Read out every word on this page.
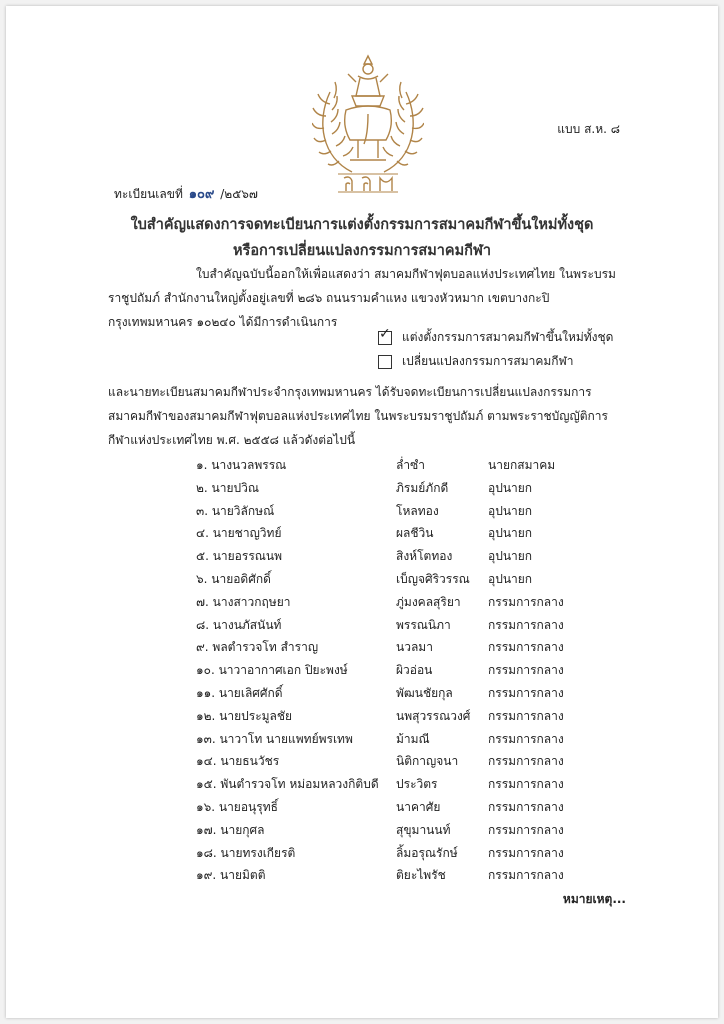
แบบ ส.ห. ๘
ทะเบียนเลขที่ ๑๐๙ /๒๕๖๗
ใบสำคัญแสดงการจดทะเบียนการแต่งตั้งกรรมการสมาคมกีฬาขึ้นใหม่ทั้งชุด
หรือการเปลี่ยนแปลงกรรมการสมาคมกีฬา
ใบสำคัญฉบับนี้ออกให้เพื่อแสดงว่า สมาคมกีฬาฟุตบอลแห่งประเทศไทย ในพระบรมราชูปถัมภ์ สำนักงานใหญ่ตั้งอยู่เลขที่ ๒๘๖ ถนนรามคำแหง แขวงหัวหมาก เขตบางกะปิ กรุงเทพมหานคร ๑๐๒๔๐ ได้มีการดำเนินการ
✓ แต่งตั้งกรรมการสมาคมกีฬาขึ้นใหม่ทั้งชุด
เปลี่ยนแปลงกรรมการสมาคมกีฬา
และนายทะเบียนสมาคมกีฬาประจำกรุงเทพมหานคร ได้รับจดทะเบียนการเปลี่ยนแปลงกรรมการสมาคมกีฬาของสมาคมกีฬาฟุตบอลแห่งประเทศไทย ในพระบรมราชูปถัมภ์ ตามพระราชบัญญัติการกีฬาแห่งประเทศไทย พ.ศ. ๒๕๕๘ แล้วดังต่อไปนี้
๑. นางนวลพรรณ	ล่ำซำ	นายกสมาคม
๒. นายปวิณ	ภิรมย์ภักดี	อุปนายก
๓. นายวิลักษณ์	โหลทอง	อุปนายก
๔. นายชาญวิทย์	ผลชีวิน	อุปนายก
๕. นายอรรณนพ	สิงห์โตทอง	อุปนายก
๖. นายอดิศักดิ์	เบ็ญจศิริวรรณ อุปนายก
๗. นางสาวกฤษยา	ภู่มงคลสุริยา กรรมการกลาง
๘. นางนภัสนันท์	พรรณนิภา	กรรมการกลาง
๙. พลตำรวจโท สำราญ	นวลมา	กรรมการกลาง
๑๐. นาวาอากาศเอก ปิยะพงษ์	ผิวอ่อน	กรรมการกลาง
๑๑. นายเลิศศักดิ์	พัฒนชัยกุล	กรรมการกลาง
๑๒. นายประมูลชัย	นพสุวรรณวงศ์ กรรมการกลาง
๑๓. นาวาโท นายแพทย์พรเทพ	ม้ามณี	กรรมการกลาง
๑๔. นายธนวัชร	นิติกาญจนา กรรมการกลาง
๑๕. พันตำรวจโท หม่อมหลวงกิติบดี ประวิตร	กรรมการกลาง
๑๖. นายอนุรุทธิ์	นาคาศัย	กรรมการกลาง
๑๗. นายกุศล	สุขุมานนท์	กรรมการกลาง
๑๘. นายทรงเกียรติ	ลิ้มอรุณรักษ์	กรรมการกลาง
๑๙. นายมิตติ	ติยะไพรัช	กรรมการกลาง
หมายเหตุ...
